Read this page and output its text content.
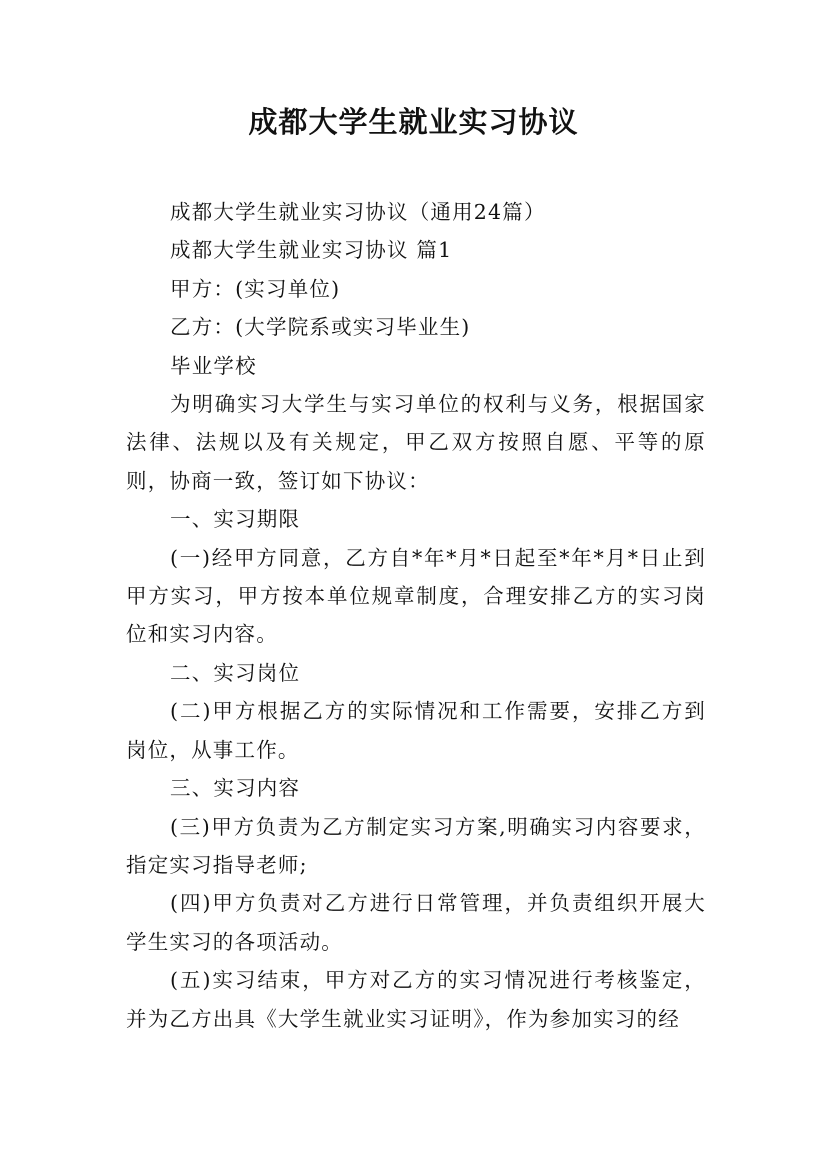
成都大学生就业实习协议

成都大学生就业实习协议（通用24篇）

成都大学生就业实习协议 篇1

甲方：(实习单位)

乙方：(大学院系或实习毕业生)

毕业学校

为明确实习大学生与实习单位的权利与义务，根据国家法律、法规以及有关规定，甲乙双方按照自愿、平等的原则，协商一致，签订如下协议：

一、实习期限

(一)经甲方同意，乙方自*年*月*日起至*年*月*日止到甲方实习，甲方按本单位规章制度，合理安排乙方的实习岗位和实习内容。

二、实习岗位

(二)甲方根据乙方的实际情况和工作需要，安排乙方到岗位，从事工作。

三、实习内容

(三)甲方负责为乙方制定实习方案,明确实习内容要求，指定实习指导老师;

(四)甲方负责对乙方进行日常管理，并负责组织开展大学生实习的各项活动。

(五)实习结束，甲方对乙方的实习情况进行考核鉴定，并为乙方出具《大学生就业实习证明》，作为参加实习的经
